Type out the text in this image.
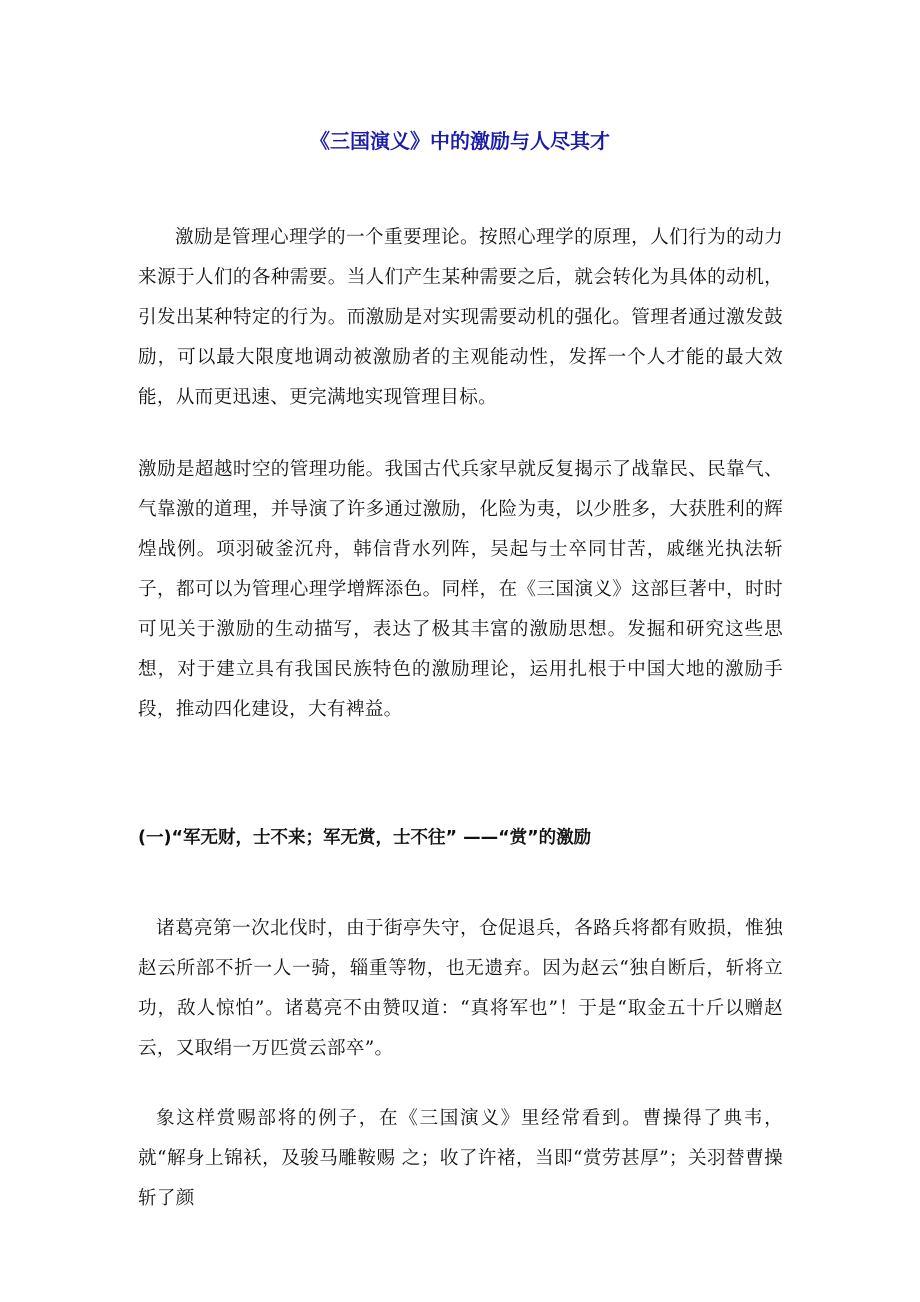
《三国演义》中的激励与人尽其才

激励是管理心理学的一个重要理论。按照心理学的原理，人们行为的动力来源于人们的各种需要。当人们产生某种需要之后，就会转化为具体的动机，引发出某种特定的行为。而激励是对实现需要动机的强化。管理者通过激发鼓励，可以最大限度地调动被激励者的主观能动性，发挥一个人才能的最大效能，从而更迅速、更完满地实现管理目标。

激励是超越时空的管理功能。我国古代兵家早就反复揭示了战靠民、民靠气、气靠激的道理，并导演了许多通过激励，化险为夷，以少胜多，大获胜利的辉煌战例。项羽破釜沉舟，韩信背水列阵，吴起与士卒同甘苦，戚继光执法斩子，都可以为管理心理学增辉添色。同样，在《三国演义》这部巨著中，时时可见关于激励的生动描写，表达了极其丰富的激励思想。发掘和研究这些思想，对于建立具有我国民族特色的激励理论，运用扎根于中国大地的激励手段，推动四化建设，大有裨益。

(一)“军无财，士不来；军无赏，士不往” ——“赏”的激励

诸葛亮第一次北伐时，由于街亭失守，仓促退兵，各路兵将都有败损，惟独赵云所部不折一人一骑，辎重等物，也无遗弃。因为赵云“独自断后，斩将立功，敌人惊怕”。诸葛亮不由赞叹道：“真将军也”！于是“取金五十斤以赠赵云，又取绢一万匹赏云部卒”。

象这样赏赐部将的例子，在《三国演义》里经常看到。曹操得了典韦，就“解身上锦袄，及骏马雕鞍赐 之；收了许褚，当即“赏劳甚厚”；关羽替曹操斩了颜
